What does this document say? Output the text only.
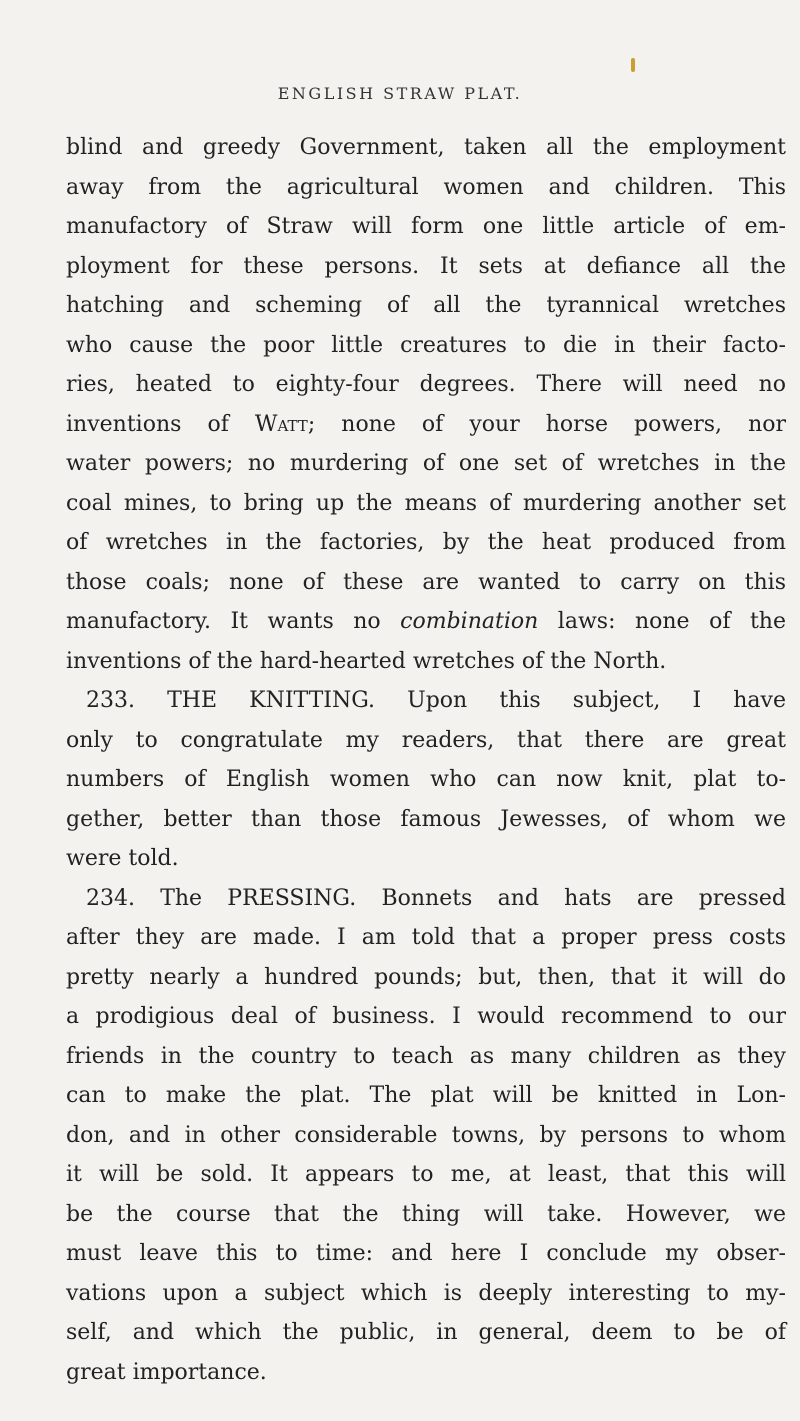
ENGLISH STRAW PLAT.
blind and greedy Government, taken all the employment
away from the agricultural women and children. This
manufactory of Straw will form one little article of em-
ployment for these persons. It sets at defiance all the
hatching and scheming of all the tyrannical wretches
who cause the poor little creatures to die in their facto-
ries, heated to eighty-four degrees. There will need no
inventions of Watt; none of your horse powers, nor
water powers; no murdering of one set of wretches in the
coal mines, to bring up the means of murdering another set
of wretches in the factories, by the heat produced from
those coals; none of these are wanted to carry on this
manufactory. It wants no combination laws: none of the
inventions of the hard-hearted wretches of the North.
233. THE KNITTING. Upon this subject, I have
only to congratulate my readers, that there are great
numbers of English women who can now knit, plat to-
gether, better than those famous Jewesses, of whom we
were told.
234. The PRESSING. Bonnets and hats are pressed
after they are made. I am told that a proper press costs
pretty nearly a hundred pounds; but, then, that it will do
a prodigious deal of business. I would recommend to our
friends in the country to teach as many children as they
can to make the plat. The plat will be knitted in Lon-
don, and in other considerable towns, by persons to whom
it will be sold. It appears to me, at least, that this will
be the course that the thing will take. However, we
must leave this to time: and here I conclude my obser-
vations upon a subject which is deeply interesting to my-
self, and which the public, in general, deem to be of
great importance.
